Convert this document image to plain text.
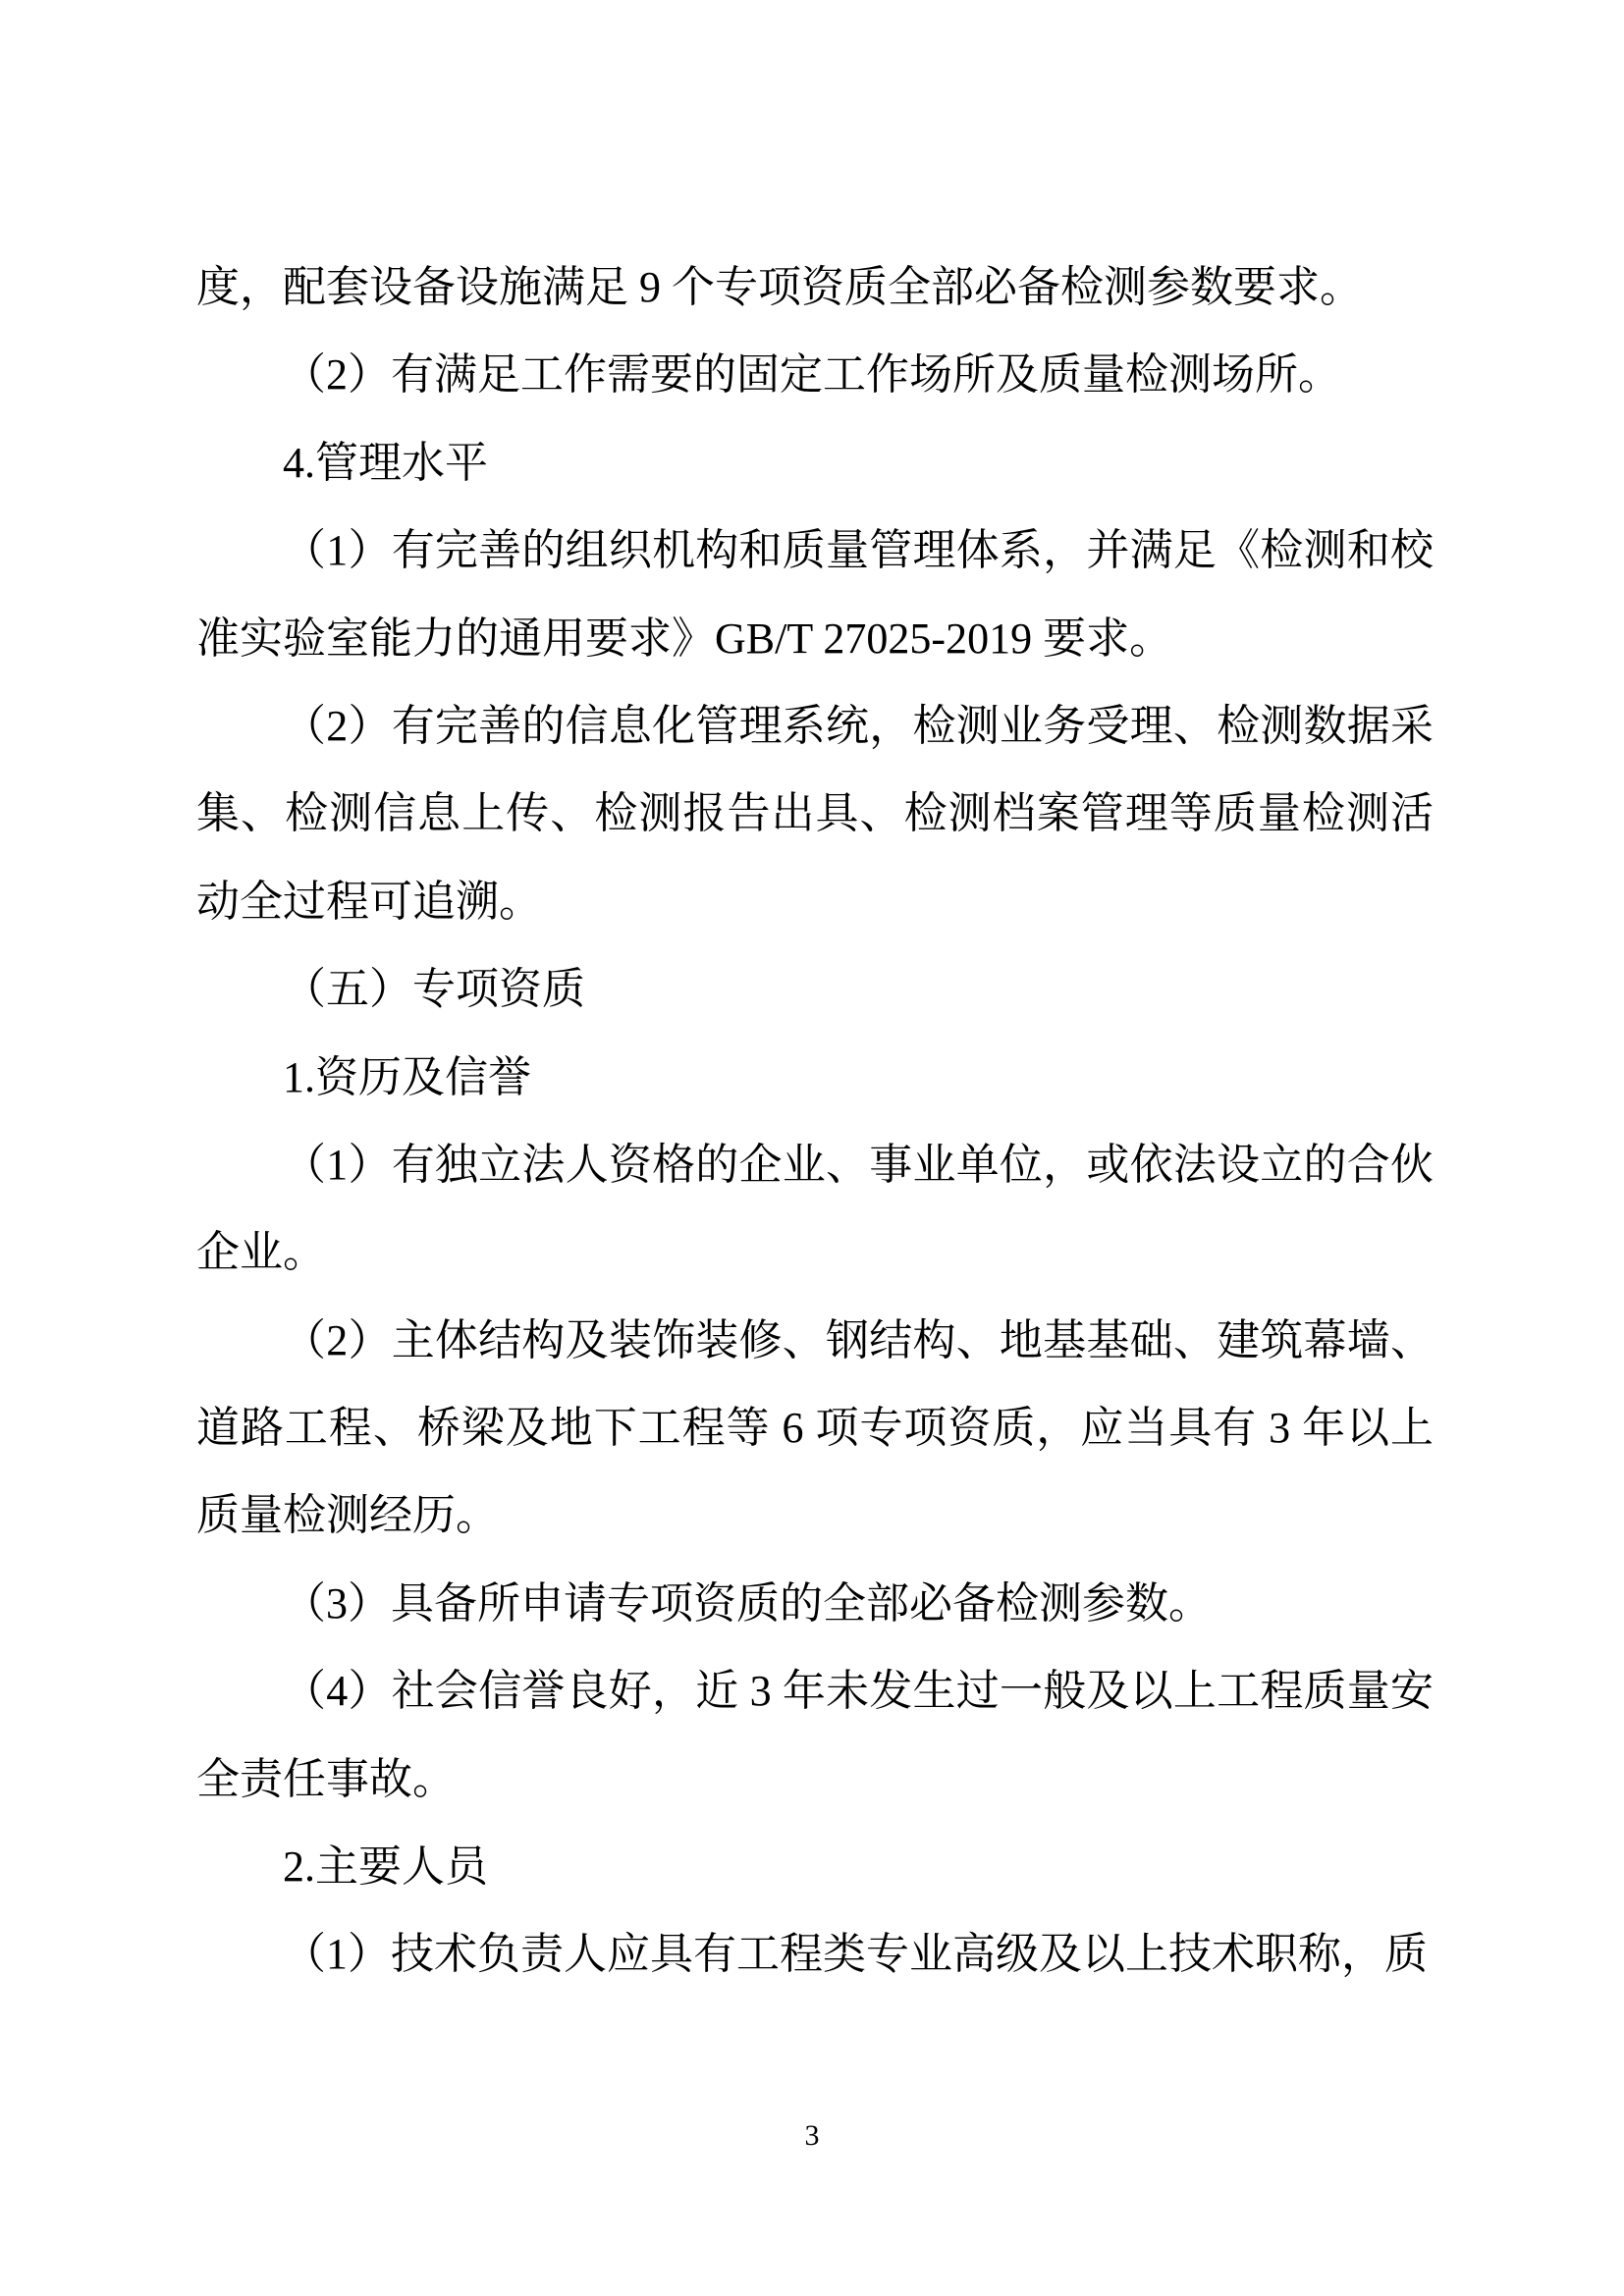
度，配套设备设施满足 9 个专项资质全部必备检测参数要求。
（2）有满足工作需要的固定工作场所及质量检测场所。
4.管理水平
（1）有完善的组织机构和质量管理体系，并满足《检测和校
准实验室能力的通用要求》GB/T 27025-2019 要求。
（2）有完善的信息化管理系统，检测业务受理、检测数据采
集、检测信息上传、检测报告出具、检测档案管理等质量检测活
动全过程可追溯。
（五）专项资质
1.资历及信誉
（1）有独立法人资格的企业、事业单位，或依法设立的合伙
企业。
（2）主体结构及装饰装修、钢结构、地基基础、建筑幕墙、
道路工程、桥梁及地下工程等 6 项专项资质，应当具有 3 年以上
质量检测经历。
（3）具备所申请专项资质的全部必备检测参数。
（4）社会信誉良好，近 3 年未发生过一般及以上工程质量安
全责任事故。
2.主要人员
（1）技术负责人应具有工程类专业高级及以上技术职称，质
3
